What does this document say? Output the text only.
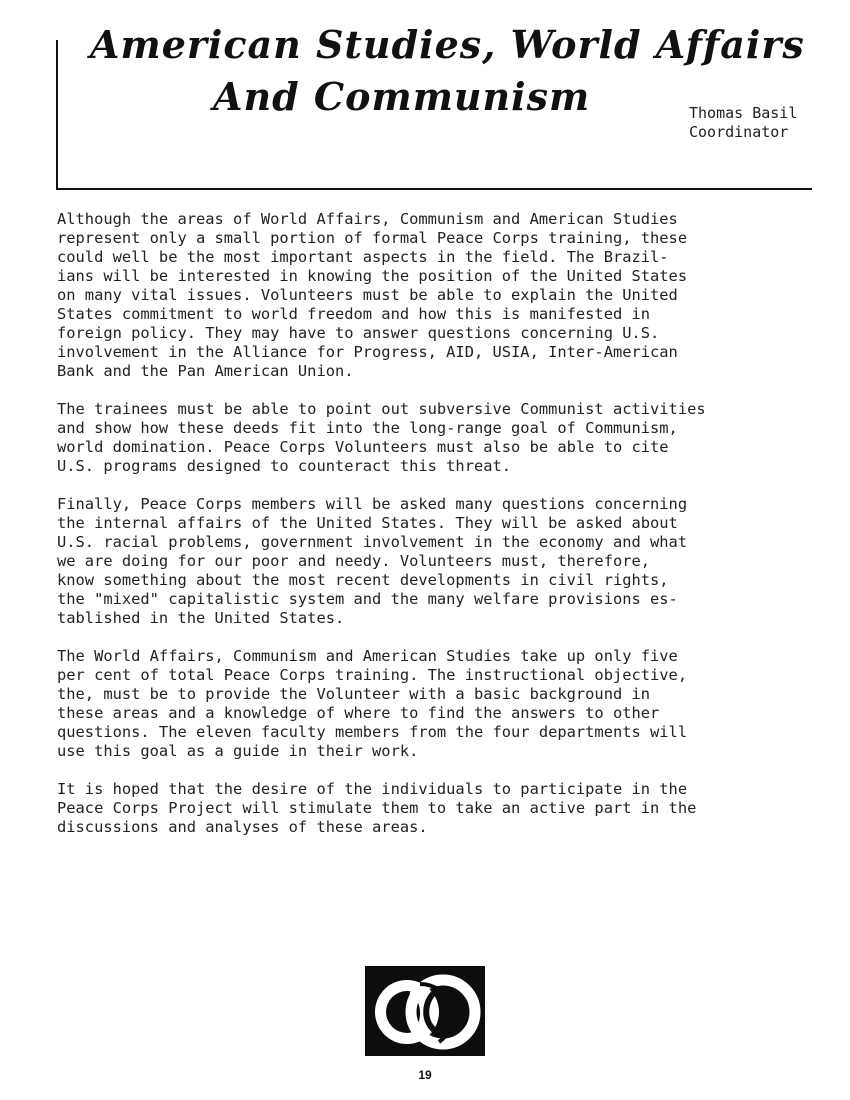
American Studies, World Affairs
And Communism	Thomas Basil
Coordinator

Although the areas of World Affairs, Communism and American Studies
represent only a small portion of formal Peace Corps training, these
could well be the most important aspects in the field. The Brazil-
ians will be interested in knowing the position of the United States
on many vital issues. Volunteers must be able to explain the United
States commitment to world freedom and how this is manifested in
foreign policy. They may have to answer questions concerning U.S.
involvement in the Alliance for Progress, AID, USIA, Inter-American
Bank and the Pan American Union.

The trainees must be able to point out subversive Communist activities
and show how these deeds fit into the long-range goal of Communism,
world domination. Peace Corps Volunteers must also be able to cite
U.S. programs designed to counteract this threat.

Finally, Peace Corps members will be asked many questions concerning
the internal affairs of the United States. They will be asked about
U.S. racial problems, government involvement in the economy and what
we are doing for our poor and needy. Volunteers must, therefore,
know something about the most recent developments in civil rights,
the "mixed" capitalistic system and the many welfare provisions es-
tablished in the United States.

The World Affairs, Communism and American Studies take up only five
per cent of total Peace Corps training. The instructional objective,
the, must be to provide the Volunteer with a basic background in
these areas and a knowledge of where to find the answers to other
questions. The eleven faculty members from the four departments will
use this goal as a guide in their work.

It is hoped that the desire of the individuals to participate in the
Peace Corps Project will stimulate them to take an active part in the
discussions and analyses of these areas.

19
